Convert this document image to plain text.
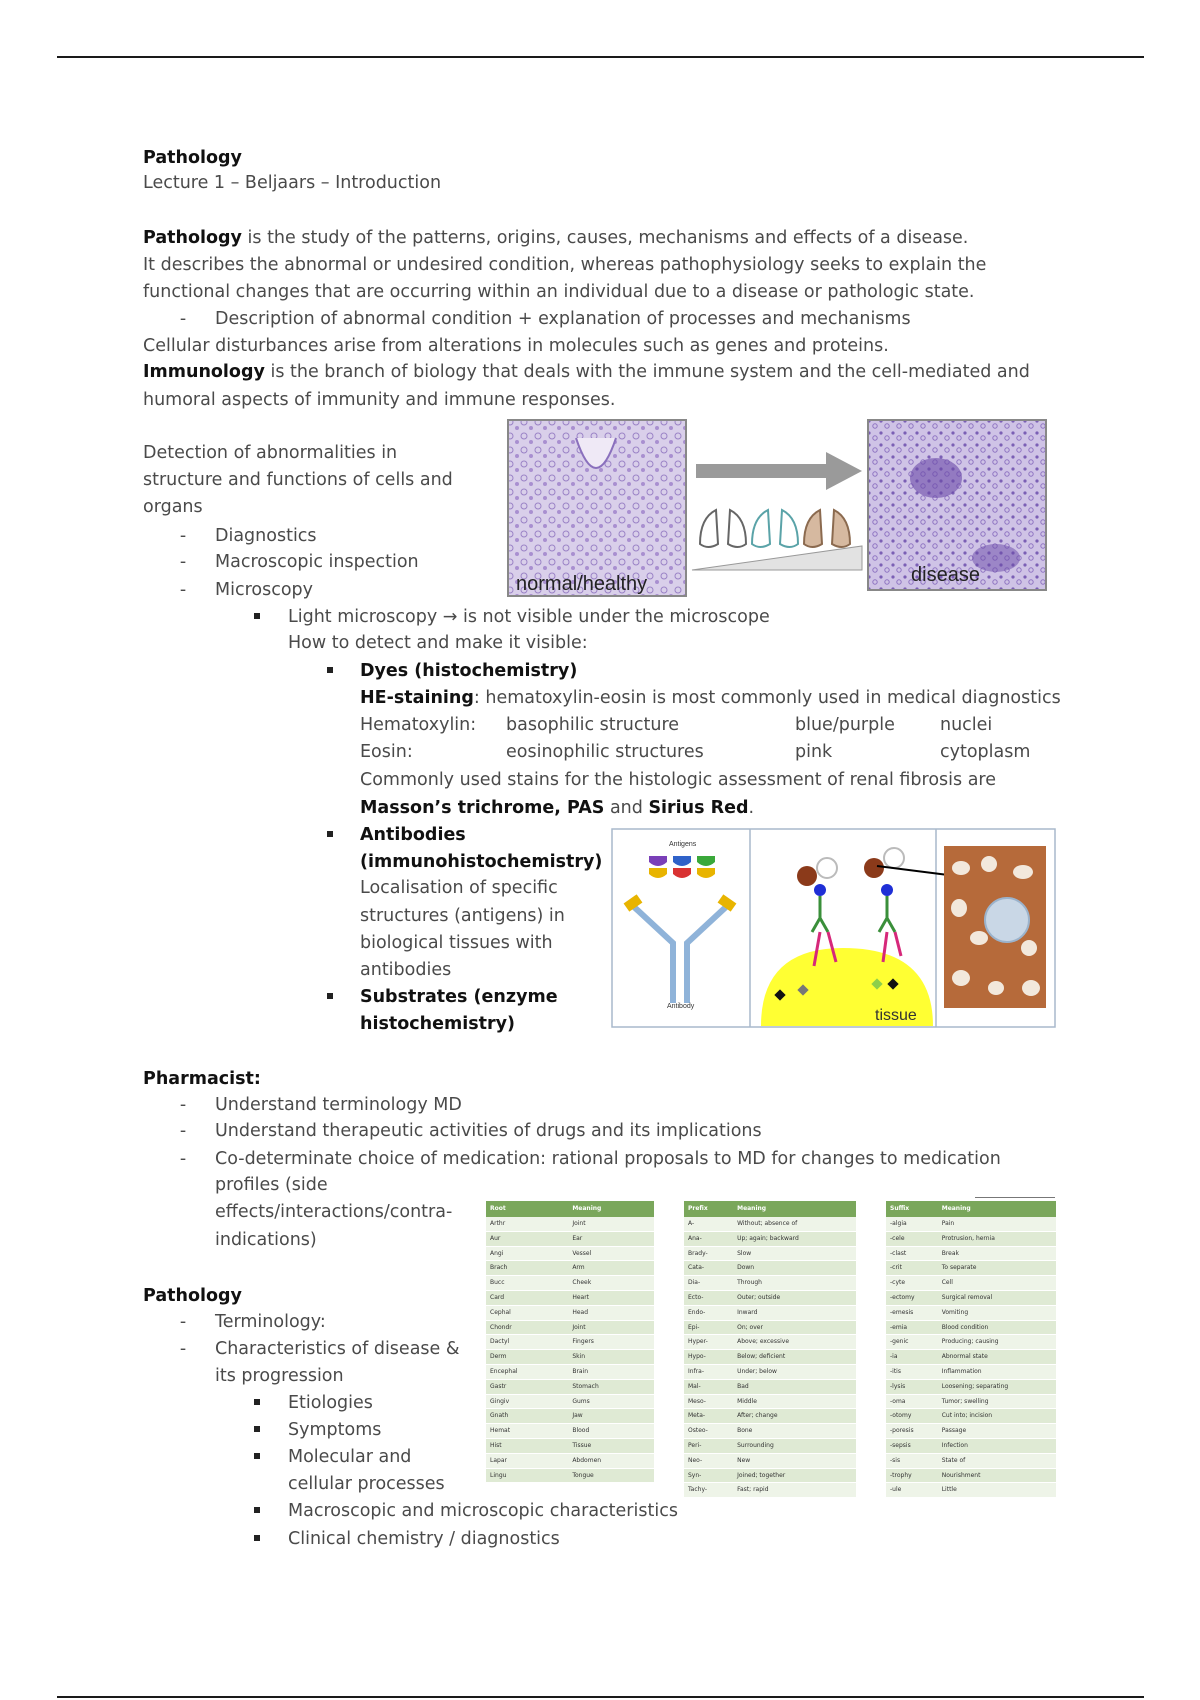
Pathology
Lecture 1 – Beljaars – Introduction
Pathology is the study of the patterns, origins, causes, mechanisms and effects of a disease.
It describes the abnormal or undesired condition, whereas pathophysiology seeks to explain the
functional changes that are occurring within an individual due to a disease or pathologic state.
- Description of abnormal condition + explanation of processes and mechanisms
Cellular disturbances arise from alterations in molecules such as genes and proteins.
Immunology is the branch of biology that deals with the immune system and the cell-mediated and
humoral aspects of immunity and immune responses.
Detection of abnormalities in
structure and functions of cells and
organs
- Diagnostics
- Macroscopic inspection
- Microscopy
Light microscopy → is not visible under the microscope
How to detect and make it visible:
Dyes (histochemistry)
HE-staining: hematoxylin-eosin is most commonly used in medical diagnostics
Hematoxylin: basophilic structure	blue/purple	nuclei
Eosin:	eosinophilic structures	pink	cytoplasm
Commonly used stains for the histologic assessment of renal fibrosis are
Masson’s trichrome, PAS and Sirius Red.
Antibodies
(immunohistochemistry)
Localisation of specific
structures (antigens) in
biological tissues with
antibodies
Substrates (enzyme
histochemistry)
normal/healthy	disease
Antigens
Antibody
tissue
Pharmacist:
- Understand terminology MD
- Understand therapeutic activities of drugs and its implications
- Co-determinate choice of medication: rational proposals to MD for changes to medication
profiles (side
effects/interactions/contra-
indications)
Pathology
- Terminology:
- Characteristics of disease &
its progression
Etiologies
Symptoms
Molecular and
cellular processes
Macroscopic and microscopic characteristics
Clinical chemistry / diagnostics
Root	Meaning
Arthr	Joint
Aur	Ear
Angi	Vessel
Brach	Arm
Bucc	Cheek
Card	Heart
Cephal	Head
Chondr	Joint
Dactyl	Fingers
Derm	Skin
Encephal	Brain
Gastr	Stomach
Gingiv	Gums
Gnath	Jaw
Hemat	Blood
Hist	Tissue
Lapar	Abdomen
Lingu	Tongue
Prefix	Meaning
A-	Without; absence of
Ana-	Up; again; backward
Brady-	Slow
Cata-	Down
Dia-	Through
Ecto-	Outer; outside
Endo-	Inward
Epi-	On; over
Hyper-	Above; excessive
Hypo-	Below; deficient
Infra-	Under; below
Mal-	Bad
Meso-	Middle
Meta-	After; change
Osteo-	Bone
Peri-	Surrounding
Neo-	New
Syn-	Joined; together
Tachy-	Fast; rapid
Suffix	Meaning
-algia	Pain
-cele	Protrusion, hernia
-clast	Break
-crit	To separate
-cyte	Cell
-ectomy	Surgical removal
-emesis	Vomiting
-emia	Blood condition
-genic	Producing; causing
-ia	Abnormal state
-itis	Inflammation
-lysis	Loosening; separating
-oma	Tumor; swelling
-otomy	Cut into; incision
-poresis	Passage
-sepsis	Infection
-sis	State of
-trophy	Nourishment
-ule	Little
